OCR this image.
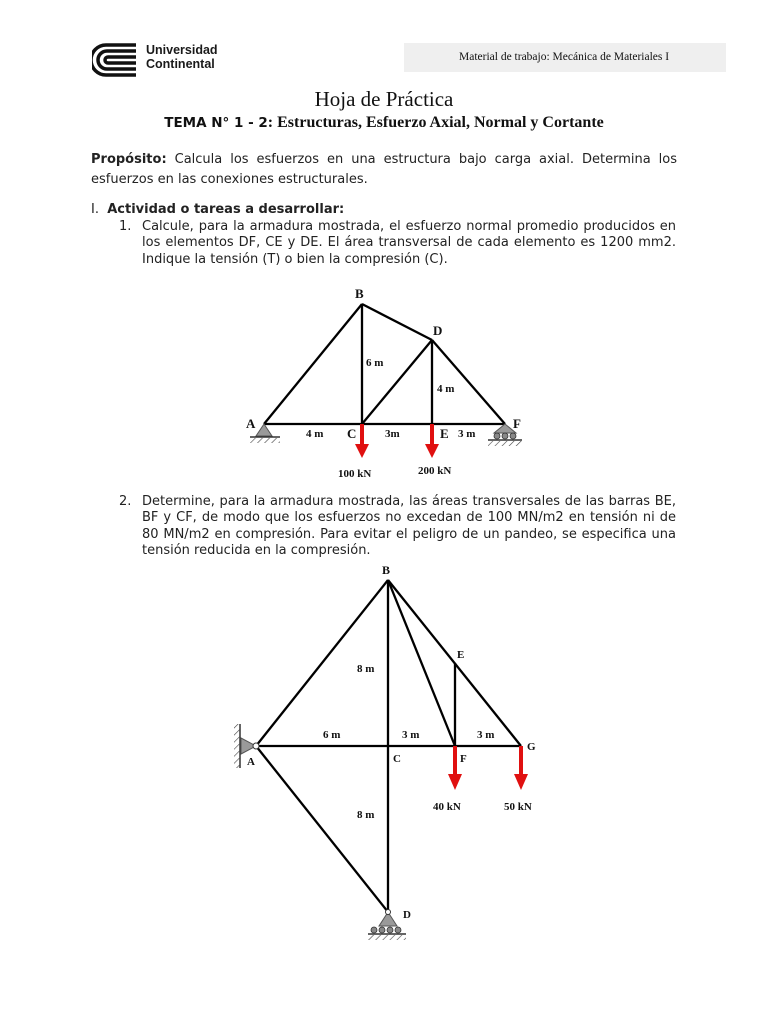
Universidad
Continental	Material de trabajo: Mecánica de Materiales I
Hoja de Práctica
TEMA N° 1 - 2: Estructuras, Esfuerzo Axial, Normal y Cortante
Propósito: Calcula los esfuerzos en una estructura bajo carga axial. Determina los esfuerzos en las conexiones estructurales.
I. Actividad o tareas a desarrollar:
1. Calcule, para la armadura mostrada, el esfuerzo normal promedio producidos en los elementos DF, CE y DE. El área transversal de cada elemento es 1200 mm2. Indique la tensión (T) o bien la compresión (C).
2. Determine, para la armadura mostrada, las áreas transversales de las barras BE, BF y CF, de modo que los esfuerzos no excedan de 100 MN/m2 en tensión ni de 80 MN/m2 en compresión. Para evitar el peligro de un pandeo, se especifica una tensión reducida en la compresión.
B
D
A
C	E
F
6 m
4 m
4 m	3m	3 m
100 kN	200 kN
B
E
A	C	F
G
D
8 m
6 m	3 m	3 m
8 m
40 kN	50 kN
